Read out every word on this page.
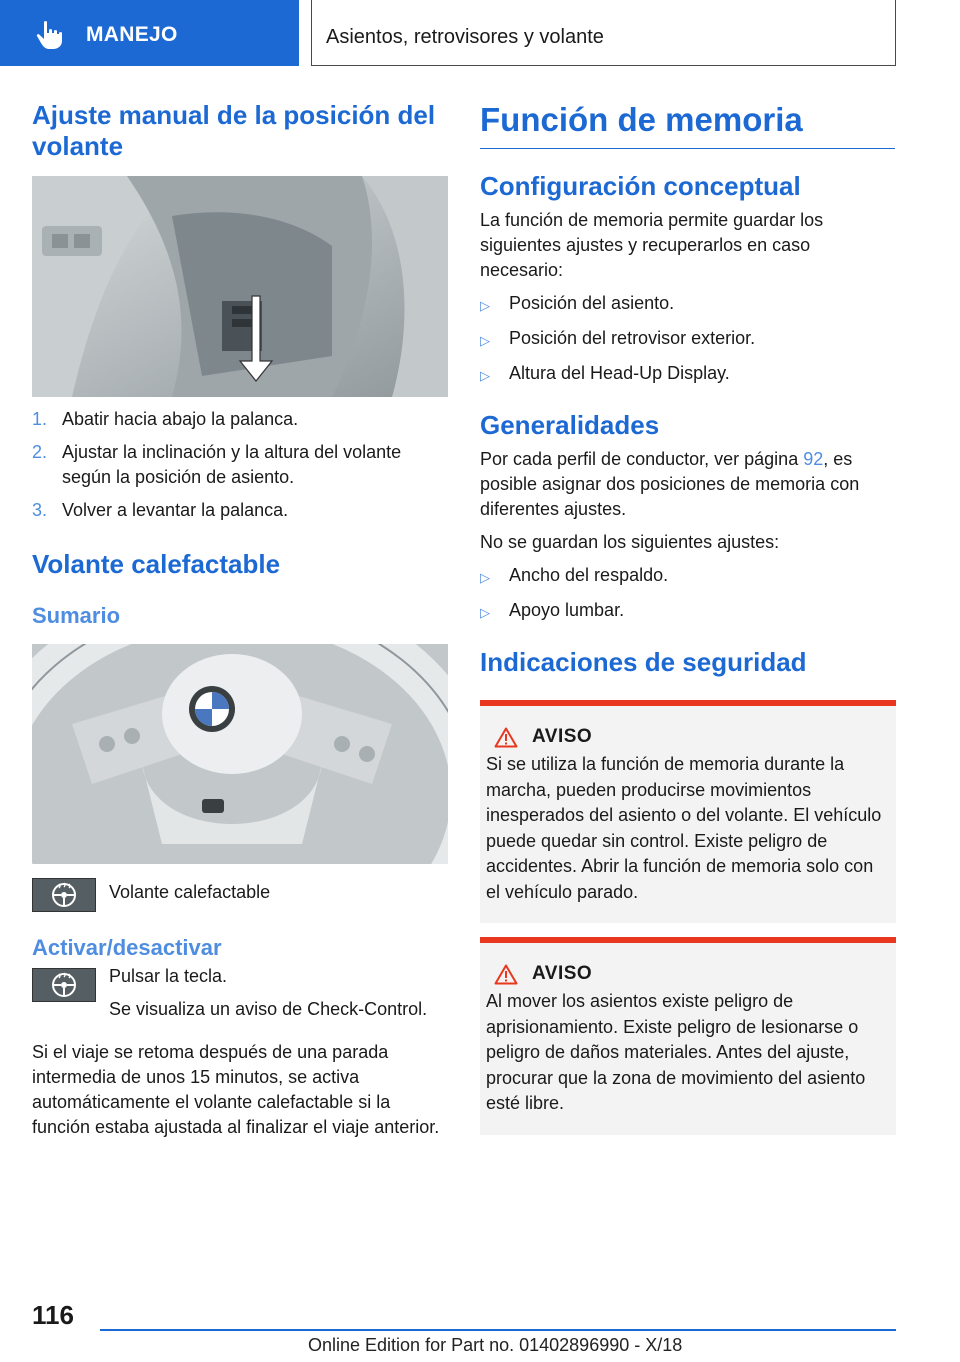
MANEJO	Asientos, retrovisores y volante
Ajuste manual de la posición del volante
1. Abatir hacia abajo la palanca.
2. Ajustar la inclinación y la altura del volante según la posición de asiento.
3. Volver a levantar la palanca.
Volante calefactable
Sumario
Volante calefactable
Activar/desactivar

Pulsar la tecla.

Se visualiza un aviso de Check-Control.

Si el viaje se retoma después de una parada intermedia de unos 15 minutos, se activa automáticamente el volante calefactable si la función estaba ajustada al finalizar el viaje anterior.

Función de memoria
Configuración conceptual

La función de memoria permite guardar los siguientes ajustes y recuperarlos en caso necesario:

▷	Posición del asiento.
▷	Posición del retrovisor exterior.
▷	Altura del Head-Up Display.
Generalidades

Por cada perfil de conductor, ver página 92, es posible asignar dos posiciones de memoria con diferentes ajustes.

No se guardan los siguientes ajustes:

▷	Ancho del respaldo.
▷	Apoyo lumbar.
Indicaciones de seguridad
AVISO

Si se utiliza la función de memoria durante la marcha, pueden producirse movimientos inesperados del asiento o del volante. El vehículo puede quedar sin control. Existe peligro de accidentes. Abrir la función de memoria solo con el vehículo parado.

AVISO

Al mover los asientos existe peligro de aprisionamiento. Existe peligro de lesionarse o peligro de daños materiales. Antes del ajuste, procurar que la zona de movimiento del asiento esté libre.

116
Online Edition for Part no. 01402896990 - X/18
